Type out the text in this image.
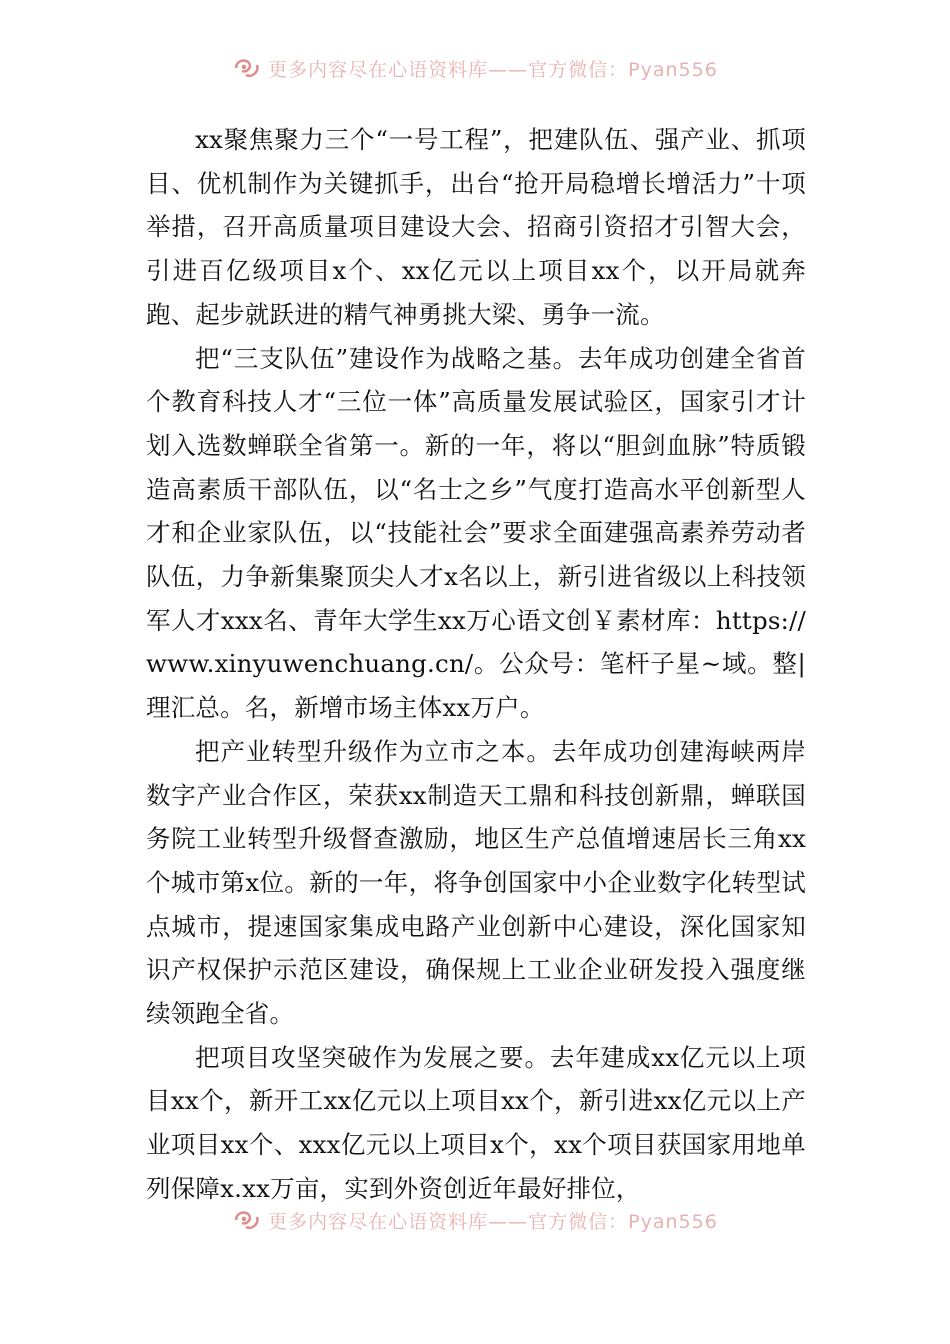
更多内容尽在心语资料库——官方微信：Pyan556

xx聚焦聚力三个“一号工程”，把建队伍、强产业、抓项目、优机制作为关键抓手，出台“抢开局稳增长增活力”十项举措，召开高质量项目建设大会、招商引资招才引智大会，引进百亿级项目x个、xx亿元以上项目xx个，以开局就奔跑、起步就跃进的精气神勇挑大梁、勇争一流。

把“三支队伍”建设作为战略之基。去年成功创建全省首个教育科技人才“三位一体”高质量发展试验区，国家引才计划入选数蝉联全省第一。新的一年，将以“胆剑血脉”特质锻造高素质干部队伍，以“名士之乡”气度打造高水平创新型人才和企业家队伍，以“技能社会”要求全面建强高素养劳动者队伍，力争新集聚顶尖人才x名以上，新引进省级以上科技领军人才xxx名、青年大学生xx万心语文创￥素材库：https://www.xinyuwenchuang.cn/。公众号：笔杆子星~域。整|理汇总。名，新增市场主体xx万户。

把产业转型升级作为立市之本。去年成功创建海峡两岸数字产业合作区，荣获xx制造天工鼎和科技创新鼎，蝉联国务院工业转型升级督查激励，地区生产总值增速居长三角xx个城市第x位。新的一年，将争创国家中小企业数字化转型试点城市，提速国家集成电路产业创新中心建设，深化国家知识产权保护示范区建设，确保规上工业企业研发投入强度继续领跑全省。

把项目攻坚突破作为发展之要。去年建成xx亿元以上项目xx个，新开工xx亿元以上项目xx个，新引进xx亿元以上产业项目xx个、xxx亿元以上项目x个，xx个项目获国家用地单列保障x.xx万亩，实到外资创近年最好排位，

更多内容尽在心语资料库——官方微信：Pyan556
